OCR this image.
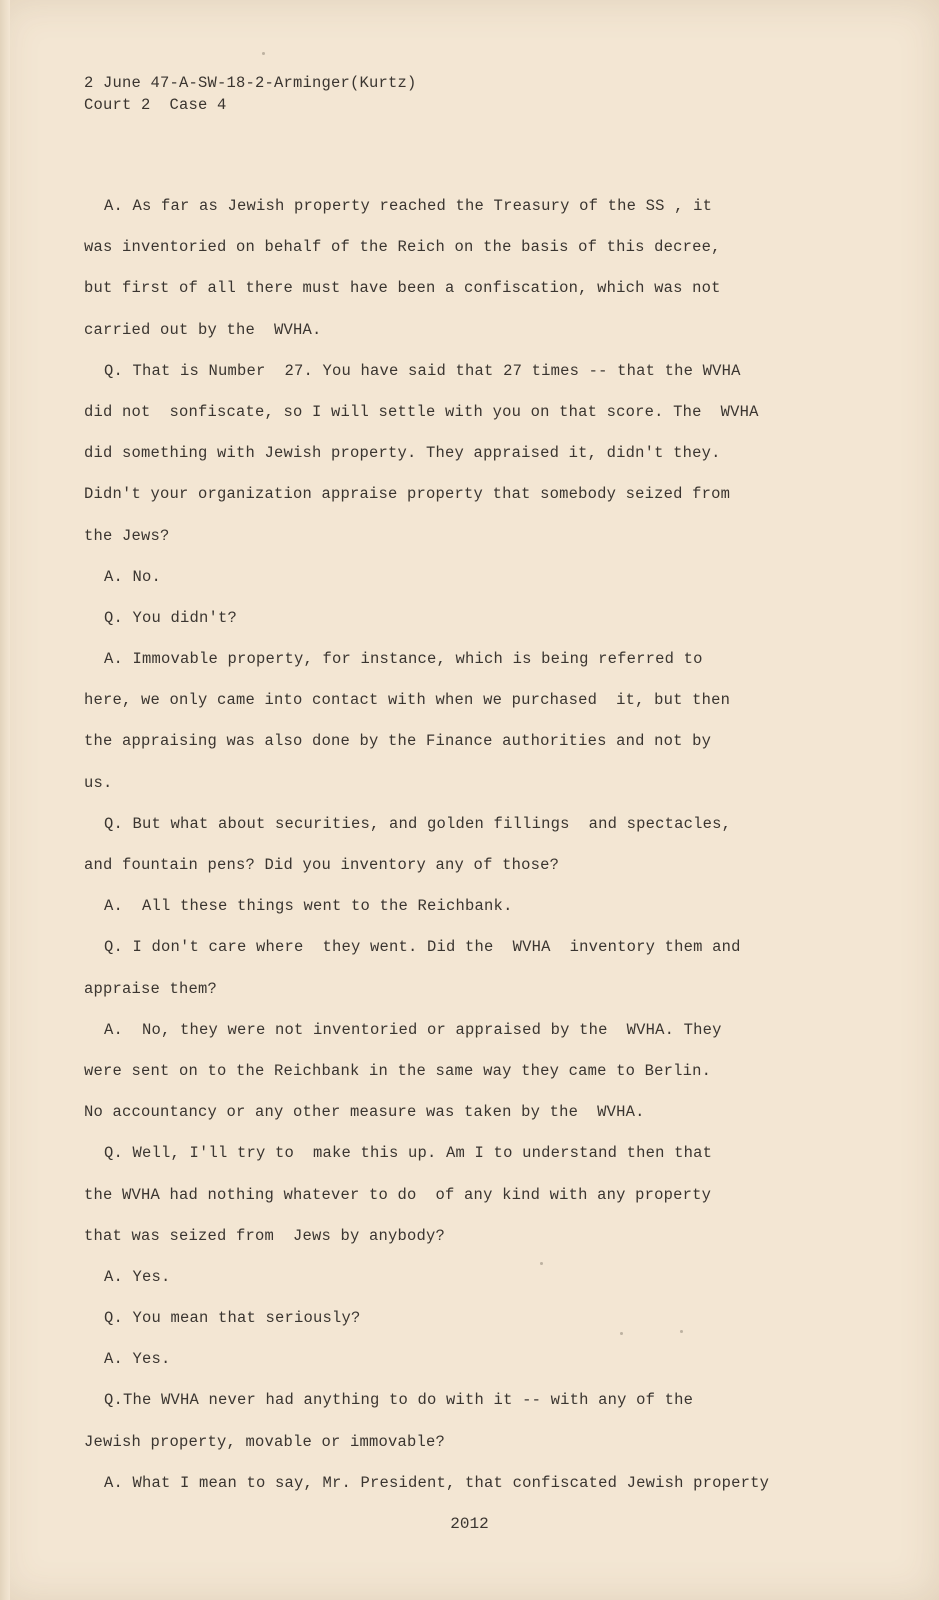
2 June 47-A-SW-18-2-Arminger(Kurtz)
Court 2  Case 4
A. As far as Jewish property reached the Treasury of the SS , it
was inventoried on behalf of the Reich on the basis of this decree,
but first of all there must have been a confiscation, which was not
carried out by the  WVHA.
Q. That is Number  27. You have said that 27 times -- that the WVHA
did not  sonfiscate, so I will settle with you on that score. The  WVHA
did something with Jewish property. They appraised it, didn't they.
Didn't your organization appraise property that somebody seized from
the Jews?
A. No.
Q. You didn't?
A. Immovable property, for instance, which is being referred to
here, we only came into contact with when we purchased  it, but then
the appraising was also done by the Finance authorities and not by
us.
Q. But what about securities, and golden fillings  and spectacles,
and fountain pens? Did you inventory any of those?
A.  All these things went to the Reichbank.
Q. I don't care where  they went. Did the  WVHA  inventory them and
appraise them?
A.  No, they were not inventoried or appraised by the  WVHA. They
were sent on to the Reichbank in the same way they came to Berlin.
No accountancy or any other measure was taken by the  WVHA.
Q. Well, I'll try to  make this up. Am I to understand then that
the WVHA had nothing whatever to do  of any kind with any property
that was seized from  Jews by anybody?
A. Yes.
Q. You mean that seriously?
A. Yes.
Q.The WVHA never had anything to do with it -- with any of the
Jewish property, movable or immovable?
A. What I mean to say, Mr. President, that confiscated Jewish property
2012
